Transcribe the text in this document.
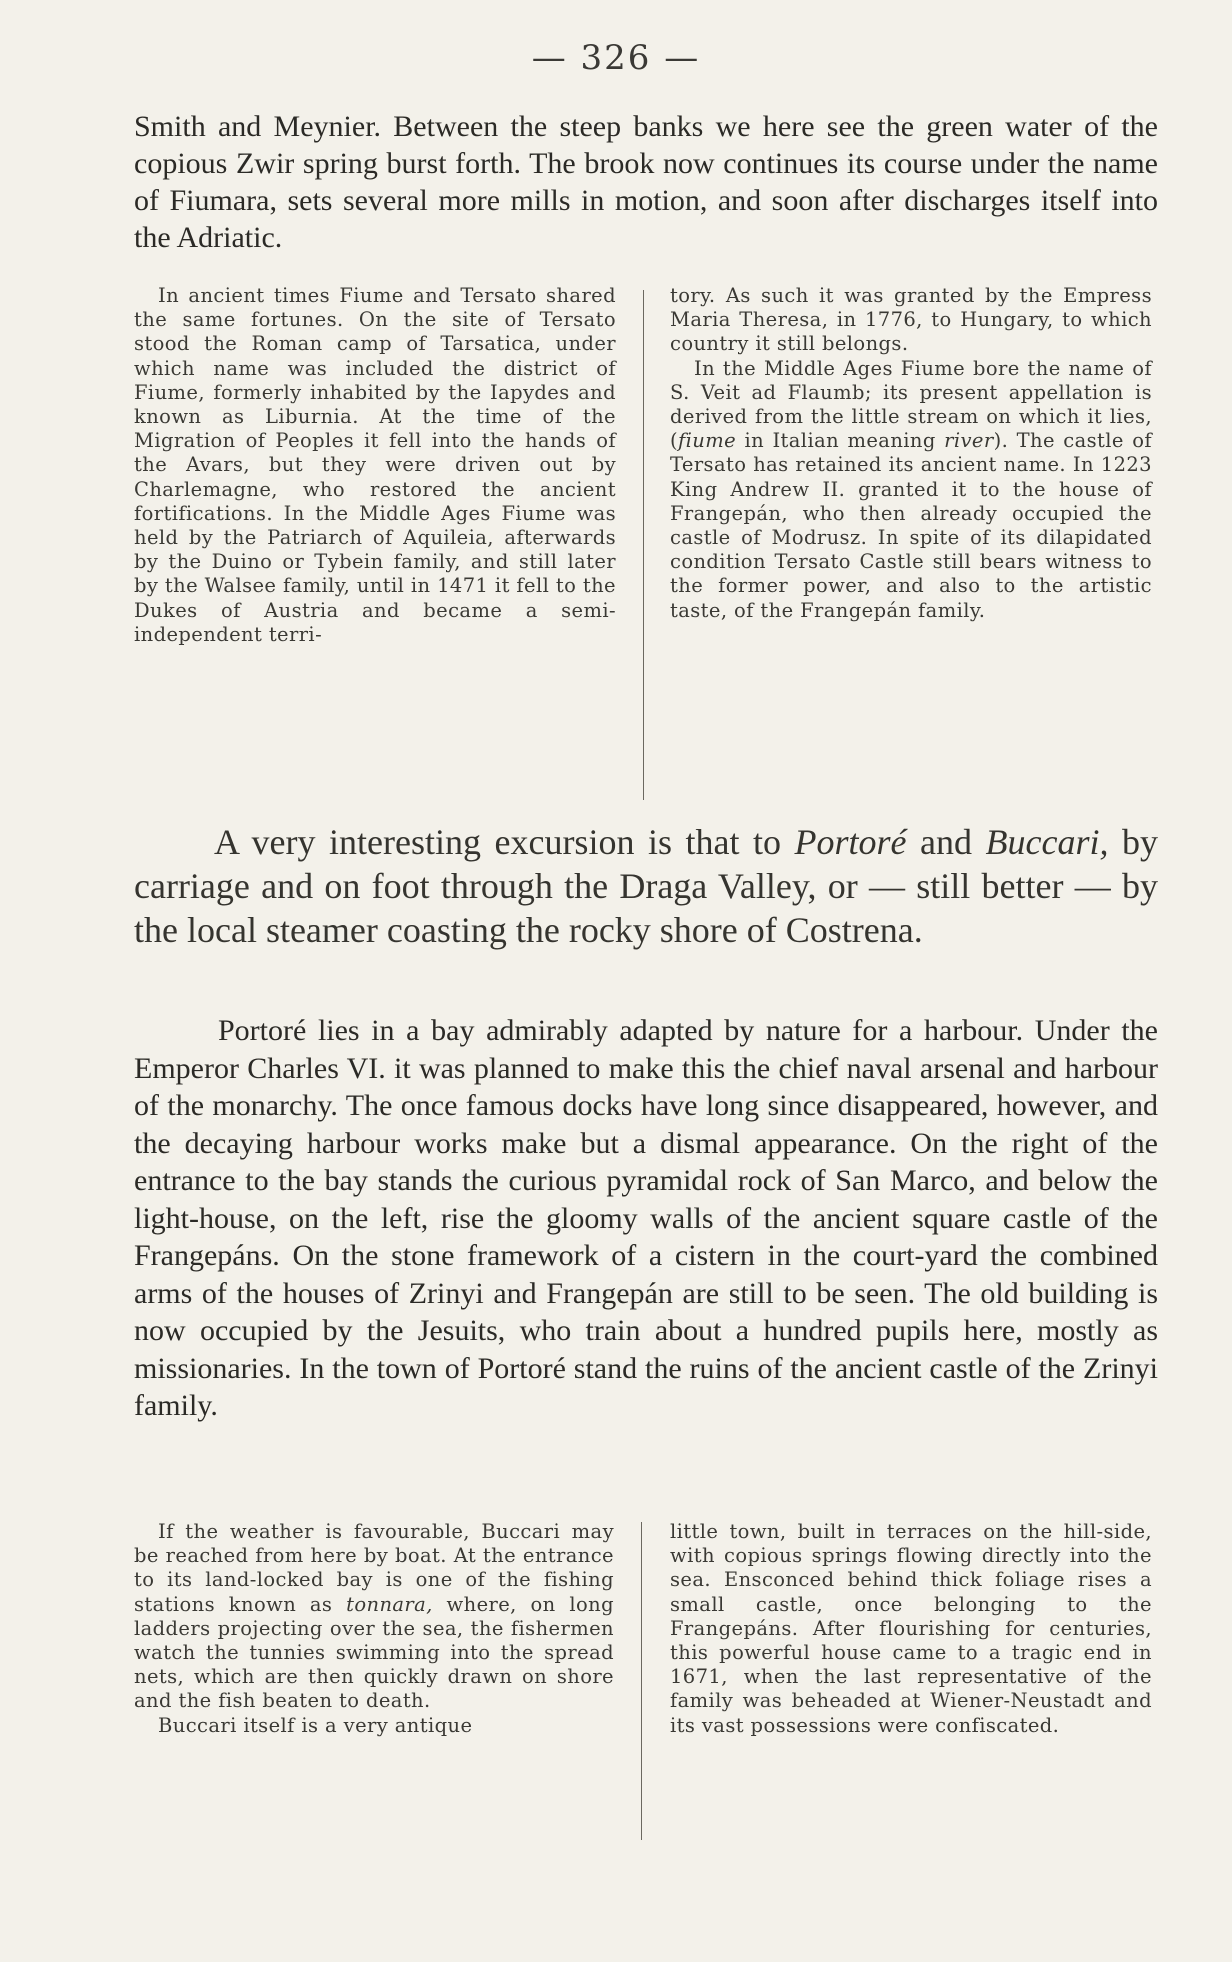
— 326 —

Smith and Meynier. Between the steep banks we here see the green water of the copious Zwir spring burst forth. The brook now continues its course under the name of Fiumara, sets several more mills in motion, and soon after discharges itself into the Adriatic.

In ancient times Fiume and Tersato shared the same fortunes. On the site of Tersato stood the Roman camp of Tarsatica, under which name was included the district of Fiume, formerly inhabited by the Iapydes and known as Liburnia. At the time of the Migration of Peoples it fell into the hands of the Avars, but they were driven out by Charlemagne, who restored the ancient fortifications. In the Middle Ages Fiume was held by the Patriarch of Aquileia, afterwards by the Duino or Tybein family, and still later by the Walsee family, until in 1471 it fell to the Dukes of Austria and became a semi-independent terri-

tory. As such it was granted by the Empress Maria Theresa, in 1776, to Hungary, to which country it still belongs.

In the Middle Ages Fiume bore the name of S. Veit ad Flaumb; its present appellation is derived from the little stream on which it lies, (fiume in Italian meaning river). The castle of Tersato has retained its ancient name. In 1223 King Andrew II. granted it to the house of Frangepán, who then already occupied the castle of Modrusz. In spite of its dilapidated condition Tersato Castle still bears witness to the former power, and also to the artistic taste, of the Frangepán family.

A very interesting excursion is that to Portoré and Buccari, by carriage and on foot through the Draga Valley, or — still better — by the local steamer coasting the rocky shore of Costrena.

Portoré lies in a bay admirably adapted by nature for a harbour. Under the Emperor Charles VI. it was planned to make this the chief naval arsenal and harbour of the monarchy. The once famous docks have long since disappeared, however, and the decaying harbour works make but a dismal appearance. On the right of the entrance to the bay stands the curious pyramidal rock of San Marco, and below the light-house, on the left, rise the gloomy walls of the ancient square castle of the Frangepáns. On the stone framework of a cistern in the court-yard the combined arms of the houses of Zrinyi and Frangepán are still to be seen. The old building is now occupied by the Jesuits, who train about a hundred pupils here, mostly as missionaries. In the town of Portoré stand the ruins of the ancient castle of the Zrinyi family.

If the weather is favourable, Buccari may be reached from here by boat. At the entrance to its land-locked bay is one of the fishing stations known as tonnara, where, on long ladders projecting over the sea, the fishermen watch the tunnies swimming into the spread nets, which are then quickly drawn on shore and the fish beaten to death.

Buccari itself is a very antique

little town, built in terraces on the hill-side, with copious springs flowing directly into the sea. Ensconced behind thick foliage rises a small castle, once belonging to the Frangepáns. After flourishing for centuries, this powerful house came to a tragic end in 1671, when the last representative of the family was beheaded at Wiener-Neustadt and its vast possessions were confiscated.
